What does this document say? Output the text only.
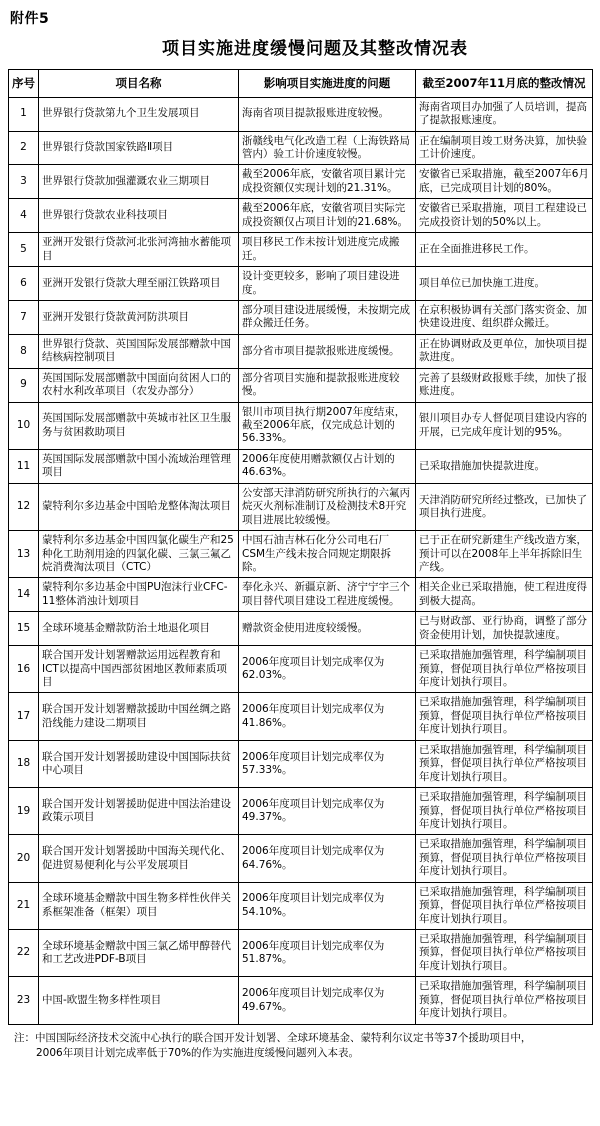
附件5
项目实施进度缓慢问题及其整改情况表
序号	项目名称	影响项目实施进度的问题	截至2007年11月底的整改情况
1	世界银行贷款第九个卫生发展项目	海南省项目提款报账进度较慢。	海南省项目办加强了人员培训，提高了提款报账速度。
2	世界银行贷款国家铁路Ⅱ项目	浙赣线电气化改造工程（上海铁路局管内）验工计价速度较慢。	正在编制项目竣工财务决算，加快验工计价速度。
3	世界银行贷款加强灌溉农业三期项目	截至2006年底，安徽省项目累计完成投资额仅实现计划的21.31%。	安徽省已采取措施，截至2007年6月底，已完成项目计划的80%。
4	世界银行贷款农业科技项目	截至2006年底，安徽省项目实际完成投资额仅占项目计划的21.68%。	安徽省已采取措施，项目工程建设已完成投资计划的50%以上。
5	亚洲开发银行贷款河北张河湾抽水蓄能项目	项目移民工作未按计划进度完成搬迁。	正在全面推进移民工作。
6	亚洲开发银行贷款大理至丽江铁路项目	设计变更较多，影响了项目建设进度。	项目单位已加快施工进度。
7	亚洲开发银行贷款黄河防洪项目	部分项目建设进展缓慢，未按期完成群众搬迁任务。	在京积极协调有关部门落实资金、加快建设进度、组织群众搬迁。
8	世界银行贷款、英国国际发展部赠款中国结核病控制项目	部分省市项目提款报账进度缓慢。	正在协调财政及更单位，加快项目提款进度。
9	英国国际发展部赠款中国面向贫困人口的农村水利改革项目（农发办部分）	部分省项目实施和提款报账进度较慢。	完善了县级财政报账手续，加快了报账进度。
10	英国国际发展部赠款中英城市社区卫生服务与贫困救助项目	银川市项目执行期2007年度结束，截至2006年底，仅完成总计划的56.33%。	银川项目办专人督促项目建设内容的开展，已完成年度计划的95%。
11	英国国际发展部赠款中国小流域治理管理项目	2006年度使用赠款额仅占计划的46.63%。	已采取措施加快提款进度。
12	蒙特利尔多边基金中国哈龙整体淘汰项目	公安部天津消防研究所执行的六氟丙烷灭火剂标准制订及检测技术8开究项目进展比较缓慢。	天津消防研究所经过整改，已加快了项目执行进度。
13	蒙特利尔多边基金中国四氯化碳生产和25种化工助剂用途的四氯化碳、三氯三氟乙烷消费淘汰项目（CTC）	中国石油吉林石化分公司电石厂CSM生产线未按合同规定期限拆除。	已于正在研究新建生产线改造方案，预计可以在2008年上半年拆除旧生产线。
14	蒙特利尔多边基金中国PU泡沫行业CFC-11整体消浊计划项目	奉化永兴、新疆京新、济宁宁宇三个项目替代项目建设工程进度缓慢。	相关企业已采取措施，使工程进度得到极大提高。
15	全球环境基金赠款防治土地退化项目	赠款资金使用进度较缓慢。	已与财政部、亚行协商，调整了部分资金使用计划，加快提款速度。
16	联合国开发计划署赠款运用远程教育和ICT以提高中国西部贫困地区教师素质项目	2006年度项目计划完成率仅为62.03%。	已采取措施加强管理，科学编制项目预算，督促项目执行单位严格按项目年度计划执行项目。
17	联合国开发计划署赠款援助中国丝绸之路沿线能力建设二期项目	2006年度项目计划完成率仅为41.86%。	已采取措施加强管理，科学编制项目预算，督促项目执行单位严格按项目年度计划执行项目。
18	联合国开发计划署援助建设中国国际扶贫中心项目	2006年度项目计划完成率仅为57.33%。	已采取措施加强管理，科学编制项目预算，督促项目执行单位严格按项目年度计划执行项目。
19	联合国开发计划署援助促进中国法治建设政策示项目	2006年度项目计划完成率仅为49.37%。	已采取措施加强管理，科学编制项目预算，督促项目执行单位严格按项目年度计划执行项目。
20	联合国开发计划署援助中国海关现代化、促进贸易便利化与公平发展项目	2006年度项目计划完成率仅为64.76%。	已采取措施加强管理，科学编制项目预算，督促项目执行单位严格按项目年度计划执行项目。
21	全球环境基金赠款中国生物多样性伙伴关系框架准备（框架）项目	2006年度项目计划完成率仅为54.10%。	已采取措施加强管理，科学编制项目预算，督促项目执行单位严格按项目年度计划执行项目。
22	全球环境基金赠款中国三氯乙烯甲醇替代和工艺改进PDF-B项目	2006年度项目计划完成率仅为51.87%。	已采取措施加强管理，科学编制项目预算，督促项目执行单位严格按项目年度计划执行项目。
23	中国-欧盟生物多样性项目	2006年度项目计划完成率仅为49.67%。	已采取措施加强管理，科学编制项目预算，督促项目执行单位严格按项目年度计划执行项目。
注：中国国际经济技术交流中心执行的联合国开发计划署、全球环境基金、蒙特利尔议定书等37个援助项目中，
2006年项目计划完成率低于70%的作为实施进度缓慢问题列入本表。
